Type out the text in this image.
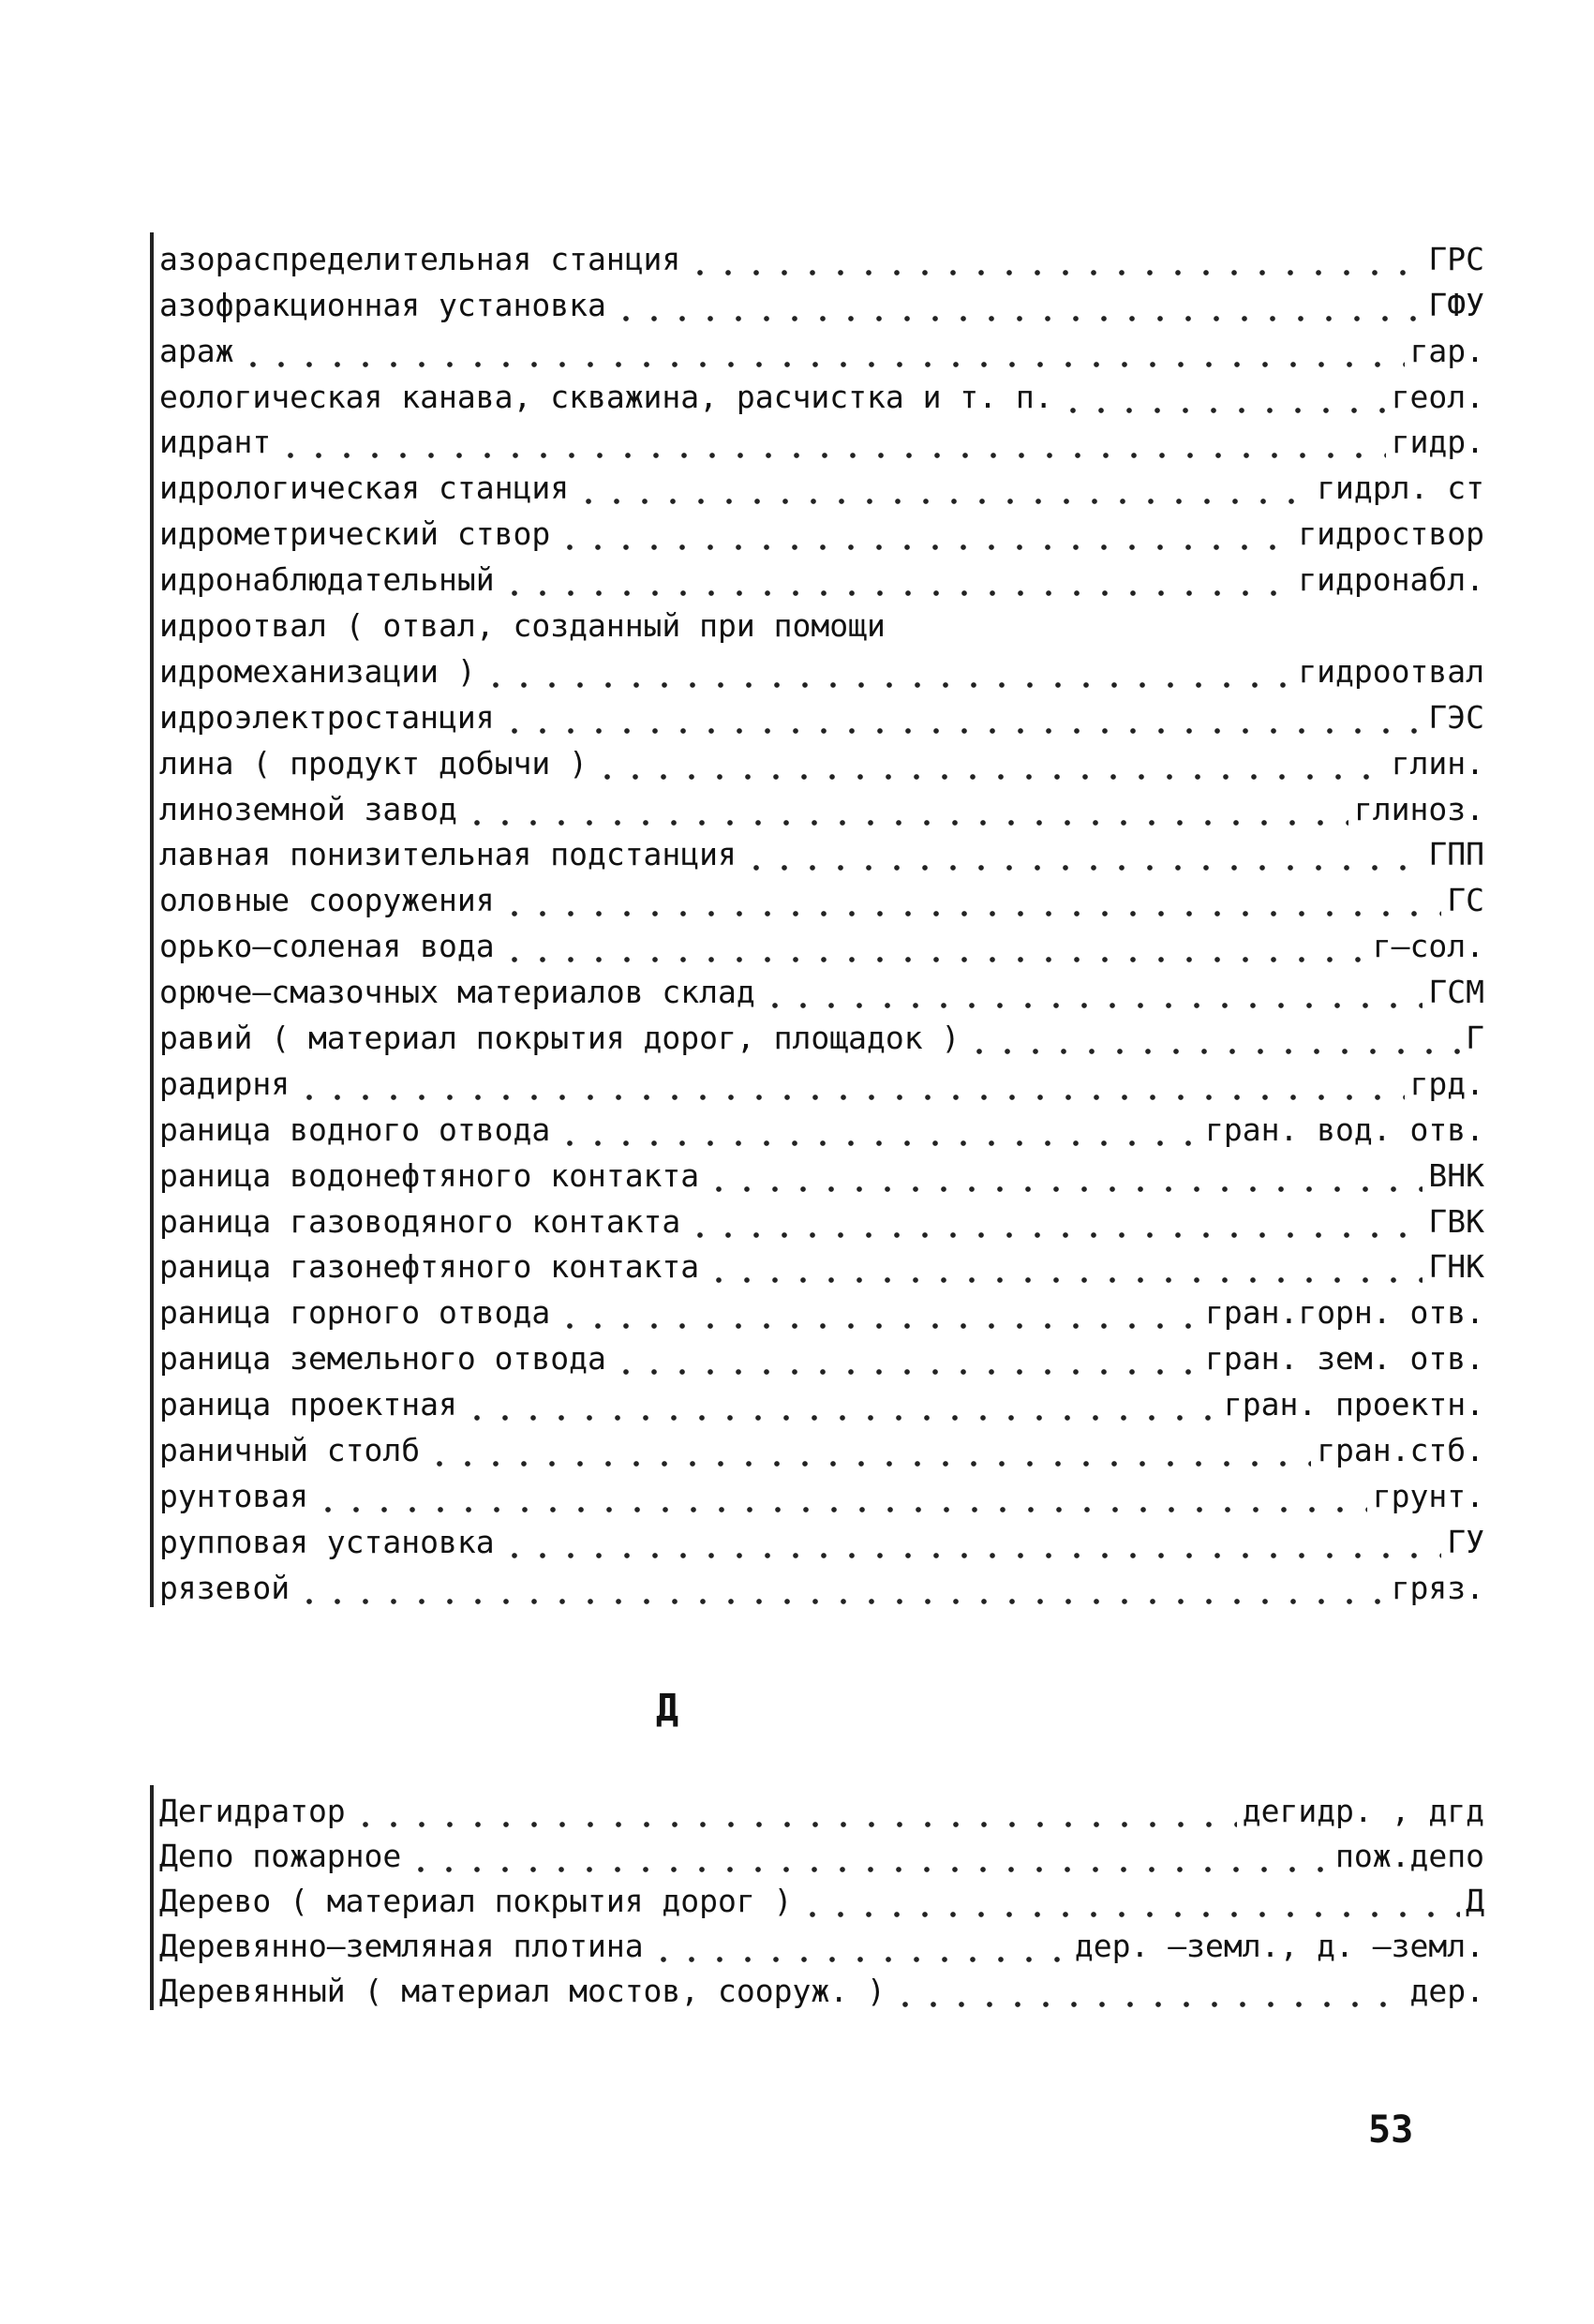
азораспределительная станция	ГРС
азофракционная установка	ГФУ
араж	гар.
еологическая канава, скважина, расчистка и т. п.	геол.
идрант	гидр.
идрологическая станция	гидрл. ст
идрометрический створ	гидроствор
идронаблюдательный	гидронабл.
идроотвал ( отвал, созданный при помощи
идромеханизации )	гидроотвал
идроэлектростанция	ГЭС
лина ( продукт добычи )	глин.
линоземной завод	глиноз.
лавная понизительная подстанция	ГПП
оловные сооружения	ГС
орько–соленая вода	г–сол.
орюче–смазочных материалов склад	ГСМ
равий ( материал покрытия дорог, площадок )	Г
радирня	грд.
раница водного отвода	гран. вод. отв.
раница водонефтяного контакта	ВНК
раница газоводяного контакта	ГВК
раница газонефтяного контакта	ГНК
раница горного отвода	гран.горн. отв.
раница земельного отвода	гран. зем. отв.
раница проектная	гран. проектн.
раничный столб	гран.стб.
рунтовая	грунт.
рупповая установка	ГУ
рязевой	гряз.
Д
Дегидратор	дегидр. , дгд
Депо пожарное	пож.депо
Дерево ( материал покрытия дорог )	Д
Деревянно–земляная плотина	дер. –земл., д. –земл.
Деревянный ( материал мостов, сооруж. )	дер.
53
